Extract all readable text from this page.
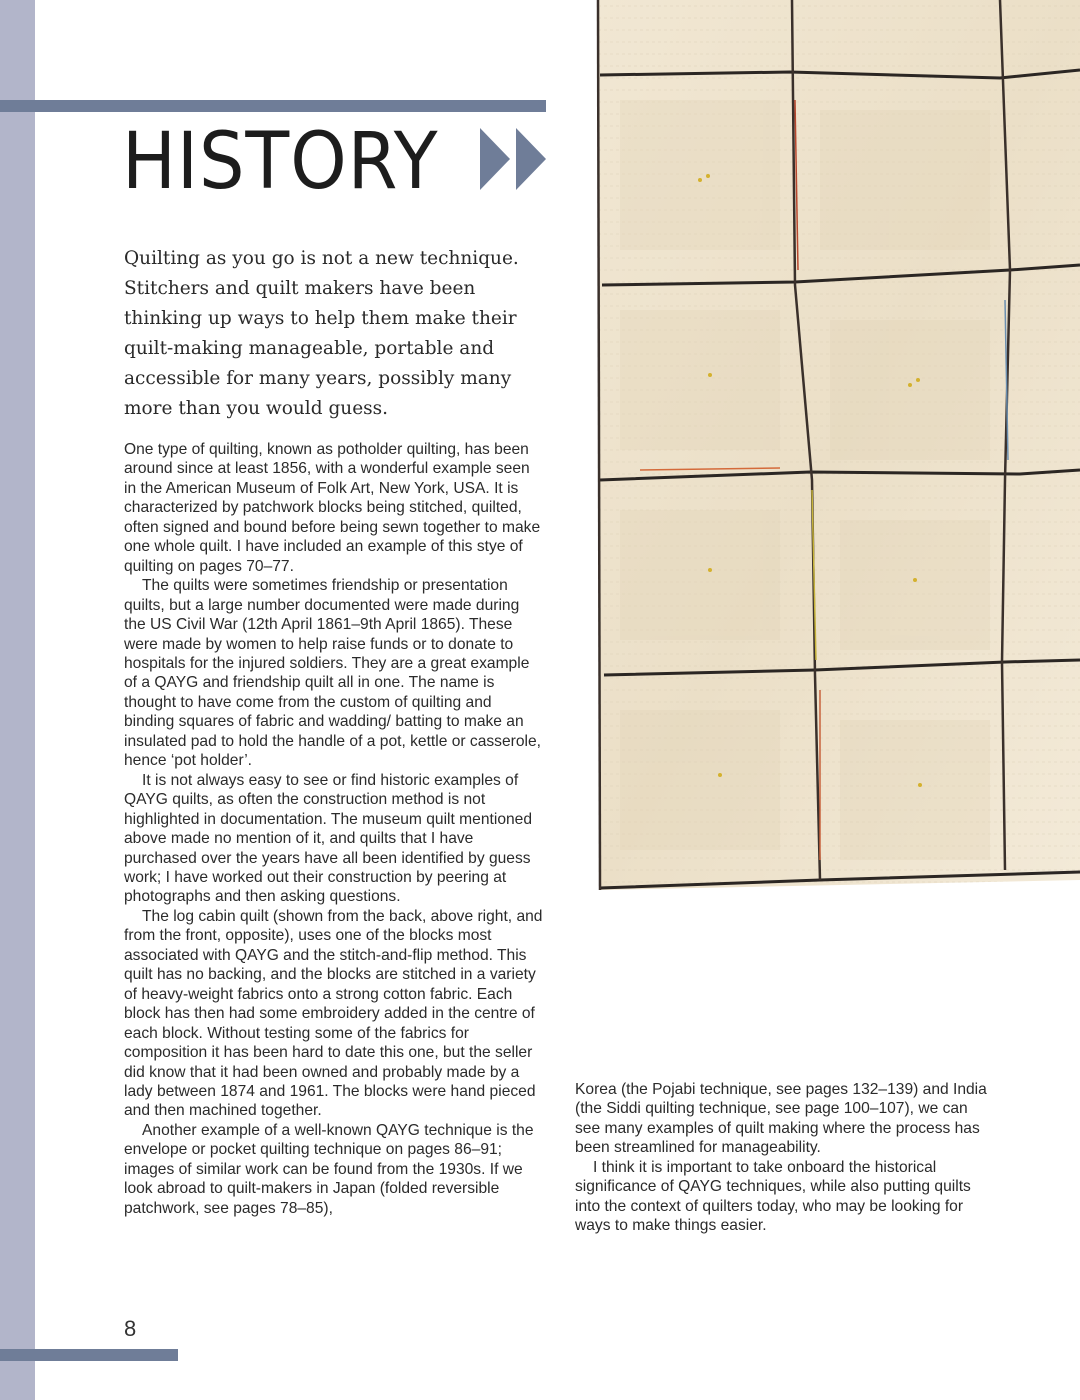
HISTORY

Quilting as you go is not a new technique. Stitchers and quilt makers have been thinking up ways to help them make their quilt-making manageable, portable and accessible for many years, possibly many more than you would guess.

One type of quilting, known as potholder quilting, has been around since at least 1856, with a wonderful example seen in the American Museum of Folk Art, New York, USA. It is characterized by patchwork blocks being stitched, quilted, often signed and bound before being sewn together to make one whole quilt. I have included an example of this stye of quilting on pages 70–77.

The quilts were sometimes friendship or presentation quilts, but a large number documented were made during the US Civil War (12th April 1861–9th April 1865). These were made by women to help raise funds or to donate to hospitals for the injured soldiers. They are a great example of a QAYG and friendship quilt all in one. The name is thought to have come from the custom of quilting and binding squares of fabric and wadding/ batting to make an insulated pad to hold the handle of a pot, kettle or casserole, hence ‘pot holder’.

It is not always easy to see or find historic examples of QAYG quilts, as often the construction method is not highlighted in documentation. The museum quilt mentioned above made no mention of it, and quilts that I have purchased over the years have all been identified by guess work; I have worked out their construction by peering at photographs and then asking questions.

The log cabin quilt (shown from the back, above right, and from the front, opposite), uses one of the blocks most associated with QAYG and the stitch-and-flip method. This quilt has no backing, and the blocks are stitched in a variety of heavy-weight fabrics onto a strong cotton fabric. Each block has then had some embroidery added in the centre of each block. Without testing some of the fabrics for composition it has been hard to date this one, but the seller did know that it had been owned and probably made by a lady between 1874 and 1961. The blocks were hand pieced and then machined together.

Another example of a well-known QAYG technique is the envelope or pocket quilting technique on pages 86–91; images of similar work can be found from the 1930s. If we look abroad to quilt-makers in Japan (folded reversible patchwork, see pages 78–85),

Korea (the Pojabi technique, see pages 132–139) and India (the Siddi quilting technique, see page 100–107), we can see many examples of quilt making where the process has been streamlined for manageability.

I think it is important to take onboard the historical significance of QAYG techniques, while also putting quilts into the context of quilters today, who may be looking for ways to make things easier.

8
